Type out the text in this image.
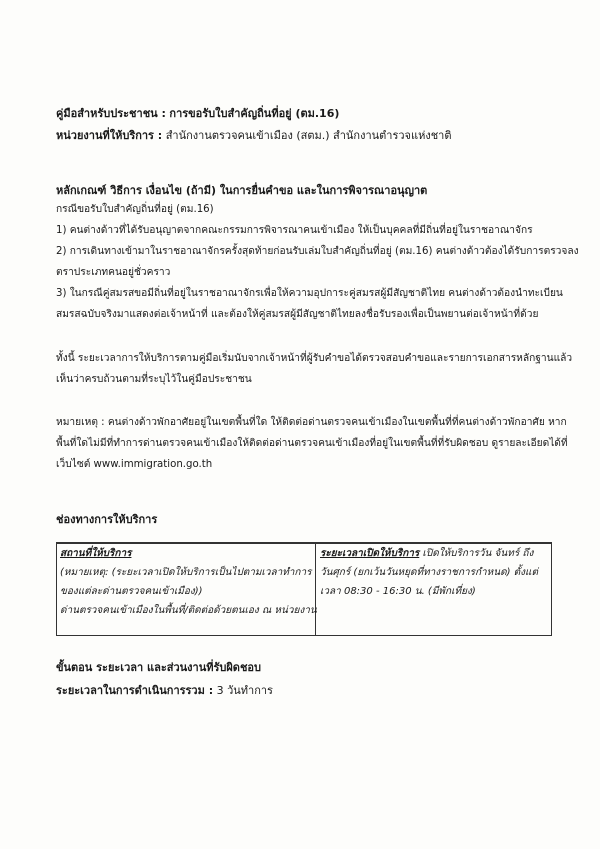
คู่มือสำหรับประชาชน : การขอรับใบสำคัญถิ่นที่อยู่ (ตม.16)
หน่วยงานที่ให้บริการ : สำนักงานตรวจคนเข้าเมือง (สตม.) สำนักงานตำรวจแห่งชาติ
หลักเกณฑ์ วิธีการ เงื่อนไข (ถ้ามี) ในการยื่นคำขอ และในการพิจารณาอนุญาต
กรณีขอรับใบสำคัญถิ่นที่อยู่ (ตม.16)
1) คนต่างด้าวที่ได้รับอนุญาตจากคณะกรรมการพิจารณาคนเข้าเมือง ให้เป็นบุคคลที่มีถิ่นที่อยู่ในราชอาณาจักร
2) การเดินทางเข้ามาในราชอาณาจักรครั้งสุดท้ายก่อนรับเล่มใบสำคัญถิ่นที่อยู่ (ตม.16) คนต่างด้าวต้องได้รับการตรวจลง
ตราประเภทคนอยู่ชั่วคราว
3) ในกรณีคู่สมรสขอมีถิ่นที่อยู่ในราชอาณาจักรเพื่อให้ความอุปการะคู่สมรสผู้มีสัญชาติไทย คนต่างด้าวต้องนำทะเบียน
สมรสฉบับจริงมาแสดงต่อเจ้าหน้าที่ และต้องให้คู่สมรสผู้มีสัญชาติไทยลงชื่อรับรองเพื่อเป็นพยานต่อเจ้าหน้าที่ด้วย
ทั้งนี้ ระยะเวลาการให้บริการตามคู่มือเริ่มนับจากเจ้าหน้าที่ผู้รับคำขอได้ตรวจสอบคำขอและรายการเอกสารหลักฐานแล้ว
เห็นว่าครบถ้วนตามที่ระบุไว้ในคู่มือประชาชน
หมายเหตุ : คนต่างด้าวพักอาศัยอยู่ในเขตพื้นที่ใด ให้ติดต่อด่านตรวจคนเข้าเมืองในเขตพื้นที่ที่คนต่างด้าวพักอาศัย หาก
พื้นที่ใดไม่มีที่ทำการด่านตรวจคนเข้าเมืองให้ติดต่อด่านตรวจคนเข้าเมืองที่อยู่ในเขตพื้นที่ที่รับผิดชอบ ดูรายละเอียดได้ที่
เว็บไซต์ www.immigration.go.th
ช่องทางการให้บริการ
สถานที่ให้บริการ
(หมายเหตุ: (ระยะเวลาเปิดให้บริการเป็นไปตามเวลาทำการ
ของแต่ละด่านตรวจคนเข้าเมือง))
ด่านตรวจคนเข้าเมืองในพื้นที่/ติดต่อด้วยตนเอง ณ หน่วยงาน
ระยะเวลาเปิดให้บริการ เปิดให้บริการวัน จันทร์ ถึง
วันศุกร์ (ยกเว้นวันหยุดที่ทางราชการกำหนด) ตั้งแต่
เวลา 08:30 - 16:30 น. (มีพักเที่ยง)
ขั้นตอน ระยะเวลา และส่วนงานที่รับผิดชอบ
ระยะเวลาในการดำเนินการรวม : 3 วันทำการ
